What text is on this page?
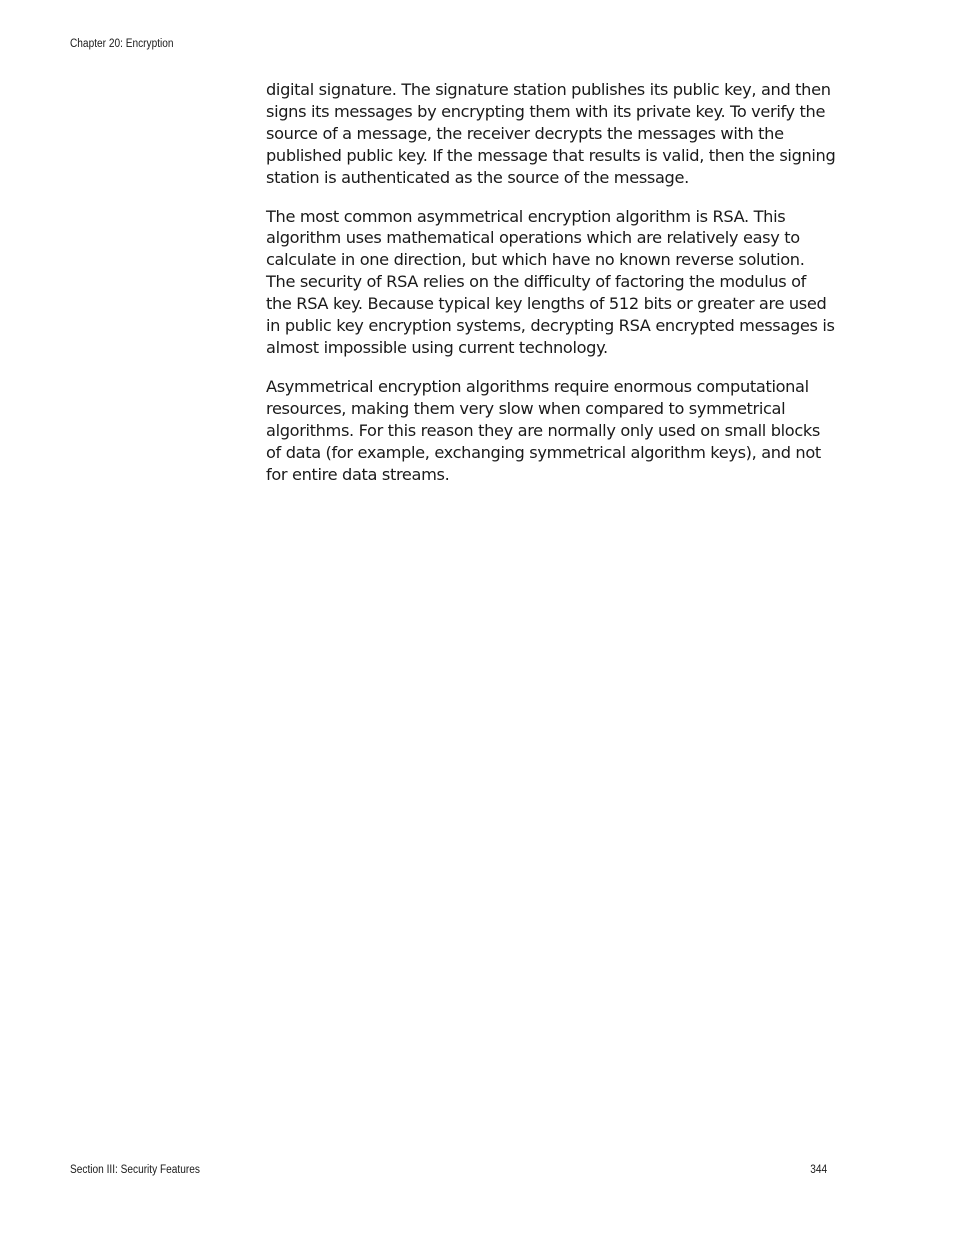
Chapter 20: Encryption

digital signature. The signature station publishes its public key, and then
signs its messages by encrypting them with its private key. To verify the
source of a message, the receiver decrypts the messages with the
published public key. If the message that results is valid, then the signing
station is authenticated as the source of the message.

The most common asymmetrical encryption algorithm is RSA. This
algorithm uses mathematical operations which are relatively easy to
calculate in one direction, but which have no known reverse solution.
The security of RSA relies on the difficulty of factoring the modulus of
the RSA key. Because typical key lengths of 512 bits or greater are used
in public key encryption systems, decrypting RSA encrypted messages is
almost impossible using current technology.

Asymmetrical encryption algorithms require enormous computational
resources, making them very slow when compared to symmetrical
algorithms. For this reason they are normally only used on small blocks
of data (for example, exchanging symmetrical algorithm keys), and not
for entire data streams.

Section III: Security Features	344
